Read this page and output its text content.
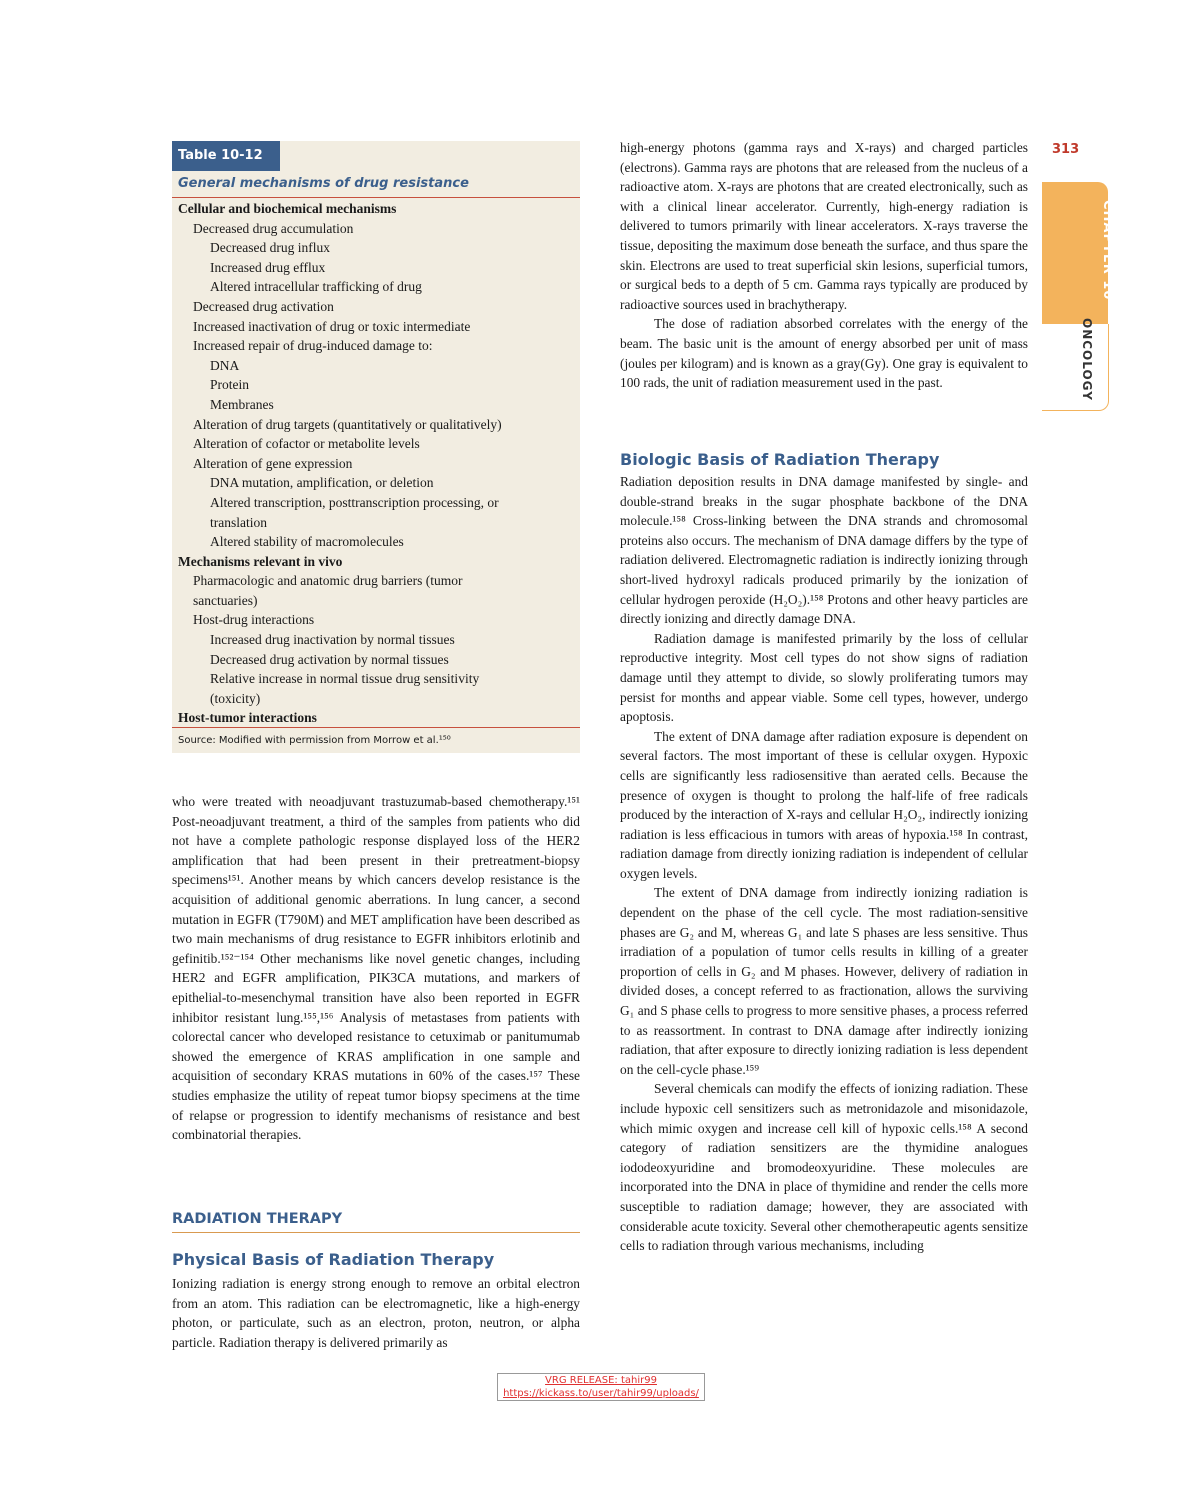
313
CHAPTER 10
ONCOLOGY
Table 10-12
General mechanisms of drug resistance
Cellular and biochemical mechanisms
Decreased drug accumulation
Decreased drug influx
Increased drug efflux
Altered intracellular trafficking of drug
Decreased drug activation
Increased inactivation of drug or toxic intermediate
Increased repair of drug-induced damage to:
DNA
Protein
Membranes
Alteration of drug targets (quantitatively or qualitatively)
Alteration of cofactor or metabolite levels
Alteration of gene expression
DNA mutation, amplification, or deletion
Altered transcription, posttranscription processing, or
translation
Altered stability of macromolecules
Mechanisms relevant in vivo
Pharmacologic and anatomic drug barriers (tumor
sanctuaries)
Host-drug interactions
Increased drug inactivation by normal tissues
Decreased drug activation by normal tissues
Relative increase in normal tissue drug sensitivity
(toxicity)
Host-tumor interactions
Source: Modified with permission from Morrow et al.¹⁵⁰

who were treated with neoadjuvant trastuzumab-based chemotherapy.¹⁵¹ Post-neoadjuvant treatment, a third of the samples from patients who did not have a complete pathologic response displayed loss of the HER2 amplification that had been present in their pretreatment-biopsy specimens¹⁵¹. Another means by which cancers develop resistance is the acquisition of additional genomic aberrations. In lung cancer, a second mutation in EGFR (T790M) and MET amplification have been described as two main mechanisms of drug resistance to EGFR inhibitors erlotinib and gefinitib.¹⁵²⁻¹⁵⁴ Other mechanisms like novel genetic changes, including HER2 and EGFR amplification, PIK3CA mutations, and markers of epithelial-to-mesenchymal transition have also been reported in EGFR inhibitor resistant lung.¹⁵⁵,¹⁵⁶ Analysis of metastases from patients with colorectal cancer who developed resistance to cetuximab or panitumumab showed the emergence of KRAS amplification in one sample and acquisition of secondary KRAS mutations in 60% of the cases.¹⁵⁷ These studies emphasize the utility of repeat tumor biopsy specimens at the time of relapse or progression to identify mechanisms of resistance and best combinatorial therapies.

RADIATION THERAPY
Physical Basis of Radiation Therapy

Ionizing radiation is energy strong enough to remove an orbital electron from an atom. This radiation can be electromagnetic, like a high-energy photon, or particulate, such as an electron, proton, neutron, or alpha particle. Radiation therapy is delivered primarily as

high-energy photons (gamma rays and X-rays) and charged particles (electrons). Gamma rays are photons that are released from the nucleus of a radioactive atom. X-rays are photons that are created electronically, such as with a clinical linear accelerator. Currently, high-energy radiation is delivered to tumors primarily with linear accelerators. X-rays traverse the tissue, depositing the maximum dose beneath the surface, and thus spare the skin. Electrons are used to treat superficial skin lesions, superficial tumors, or surgical beds to a depth of 5 cm. Gamma rays typically are produced by radioactive sources used in brachytherapy.

The dose of radiation absorbed correlates with the energy of the beam. The basic unit is the amount of energy absorbed per unit of mass (joules per kilogram) and is known as a gray(Gy). One gray is equivalent to 100 rads, the unit of radiation measurement used in the past.

Biologic Basis of Radiation Therapy

Radiation deposition results in DNA damage manifested by single- and double-strand breaks in the sugar phosphate backbone of the DNA molecule.¹⁵⁸ Cross-linking between the DNA strands and chromosomal proteins also occurs. The mechanism of DNA damage differs by the type of radiation delivered. Electromagnetic radiation is indirectly ionizing through short-lived hydroxyl radicals produced primarily by the ionization of cellular hydrogen peroxide (H₂O₂).¹⁵⁸ Protons and other heavy particles are directly ionizing and directly damage DNA.

Radiation damage is manifested primarily by the loss of cellular reproductive integrity. Most cell types do not show signs of radiation damage until they attempt to divide, so slowly proliferating tumors may persist for months and appear viable. Some cell types, however, undergo apoptosis.

The extent of DNA damage after radiation exposure is dependent on several factors. The most important of these is cellular oxygen. Hypoxic cells are significantly less radiosensitive than aerated cells. Because the presence of oxygen is thought to prolong the half-life of free radicals produced by the interaction of X-rays and cellular H₂O₂, indirectly ionizing radiation is less efficacious in tumors with areas of hypoxia.¹⁵⁸ In contrast, radiation damage from directly ionizing radiation is independent of cellular oxygen levels.

The extent of DNA damage from indirectly ionizing radiation is dependent on the phase of the cell cycle. The most radiation-sensitive phases are G₂ and M, whereas G₁ and late S phases are less sensitive. Thus irradiation of a population of tumor cells results in killing of a greater proportion of cells in G₂ and M phases. However, delivery of radiation in divided doses, a concept referred to as fractionation, allows the surviving G₁ and S phase cells to progress to more sensitive phases, a process referred to as reassortment. In contrast to DNA damage after indirectly ionizing radiation, that after exposure to directly ionizing radiation is less dependent on the cell-cycle phase.¹⁵⁹

Several chemicals can modify the effects of ionizing radiation. These include hypoxic cell sensitizers such as metronidazole and misonidazole, which mimic oxygen and increase cell kill of hypoxic cells.¹⁵⁸ A second category of radiation sensitizers are the thymidine analogues iododeoxyuridine and bromodeoxyuridine. These molecules are incorporated into the DNA in place of thymidine and render the cells more susceptible to radiation damage; however, they are associated with considerable acute toxicity. Several other chemotherapeutic agents sensitize cells to radiation through various mechanisms, including

VRG RELEASE: tahir99
https://kickass.to/user/tahir99/uploads/
